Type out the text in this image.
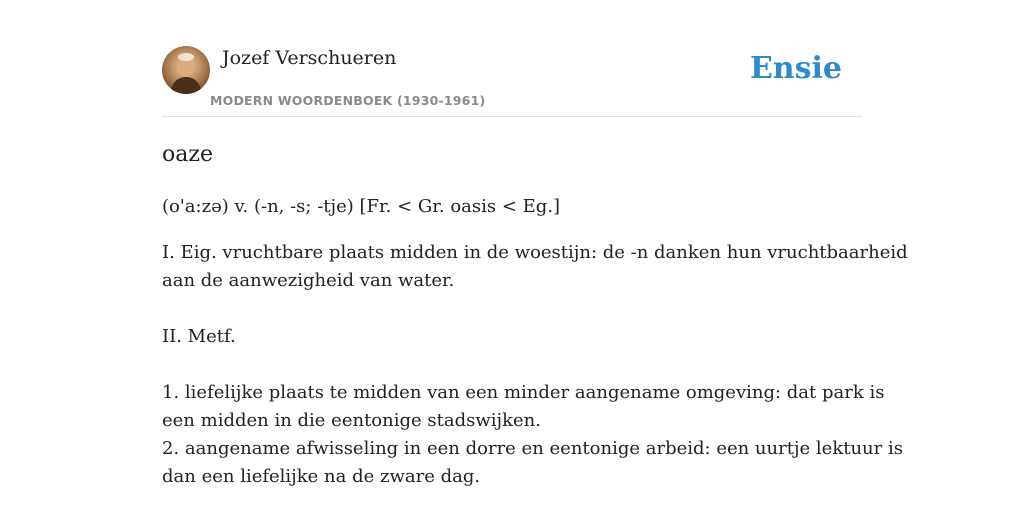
Jozef Verschueren
MODERN WOORDENBOEK (1930-1961)
Ensie
oaze
(o'a:zə) v. (-n, -s; -tje) [Fr. < Gr. oasis < Eg.]

I. Eig. vruchtbare plaats midden in de woestijn: de -n danken hun vruchtbaarheid

aan de aanwezigheid van water.

II. Metf.

1. liefelijke plaats te midden van een minder aangename omgeving: dat park is

een midden in die eentonige stadswijken.

2. aangename afwisseling in een dorre en eentonige arbeid: een uurtje lektuur is

dan een liefelijke na de zware dag.
